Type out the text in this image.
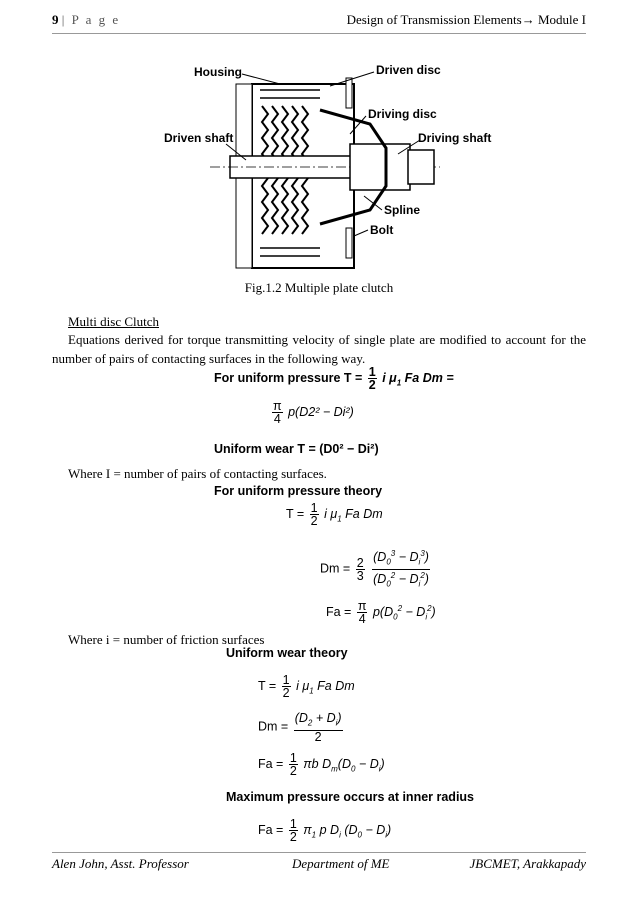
9 | P a g e	Design of Transmission Elements→ Module I
Housing	Driven disc
Driving disc
Driven shaft	Driving shaft
Spline
Bolt
Fig.1.2 Multiple plate clutch
Multi disc Clutch
Equations derived for torque transmitting velocity of single plate are modified to account for the number of pairs of contacting surfaces in the following way.
For uniform pressure $T = \frac{1}{2}$ i $\mu_1$ Fa Dm =
$\frac{\pi}{4} p(D2^2 - Di^2)$
Uniform wear T = (D0² − Di²)
Where I = number of pairs of contacting surfaces.
For uniform pressure theory
$T = \frac{1}{2}$ i $\mu_1$ Fa Dm
$Dm = \frac{2}{3}$
$\frac{(D_0^3 - D_i^3)}{(D_0^2 - D_i^2)}$
$Fa = \frac{\pi}{4} p(D_0^2 - D_i^2)$
Where i = number of friction surfaces
Uniform wear theory
$T = \frac{1}{2}$ i $\mu_1$ Fa Dm
$Dm = \frac{(D_2 + D_i)}{2}$
$Fa = \frac{1}{2}$ πb $D_m(D_0 - D_i)$
Maximum pressure occurs at inner radius
$Fa = \frac{1}{2} \pi_1$ p $D_i$ $(D_0 - D_i)$
Alen John, Asst. Professor	Department of ME	JBCMET, Arakkapady
